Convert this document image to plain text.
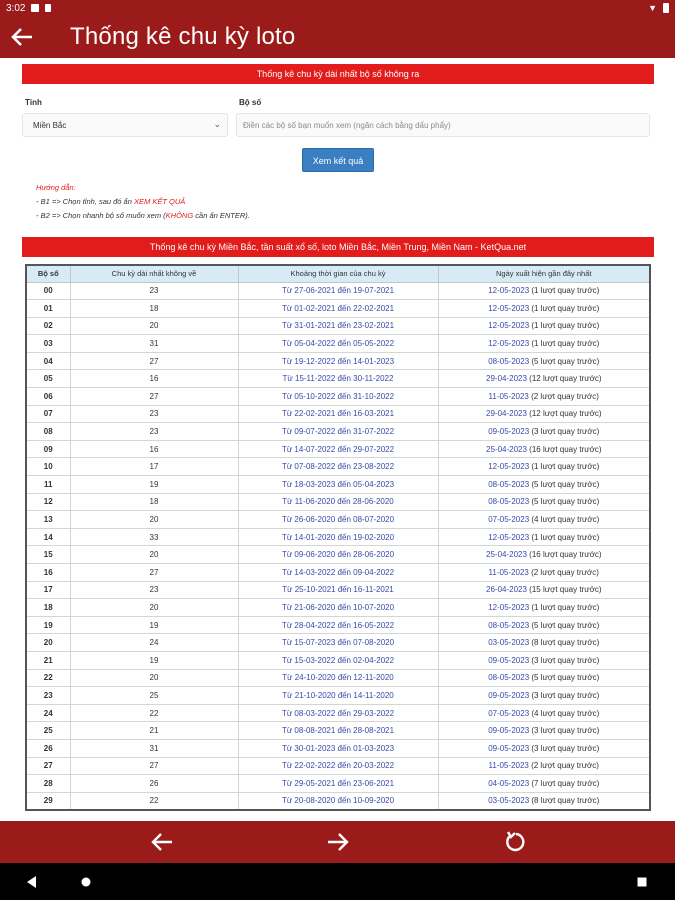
3:02	▼
Thống kê chu kỳ loto
Thống kê chu kỳ dài nhất bộ số không ra
Tỉnh
Miền Bắc	⌄
Bộ số
Điền các bộ số bạn muốn xem (ngăn cách bằng dấu phẩy)
Xem kết quả
Hướng dẫn:
- B1 => Chọn tỉnh, sau đó ấn XEM KẾT QUẢ
- B2 => Chọn nhanh bộ số muốn xem (KHÔNG cần ấn ENTER).
Thống kê chu kỳ Miền Bắc, tần suất xổ số, loto Miền Bắc, Miền Trung, Miền Nam - KetQua.net
Bộ số	Chu kỳ dài nhất không về	Khoảng thời gian của chu kỳ	Ngày xuất hiện gần đây nhất
00	23	Từ 27-06-2021 đến 19-07-2021	12-05-2023 (1 lượt quay trước)
01	18	Từ 01-02-2021 đến 22-02-2021	12-05-2023 (1 lượt quay trước)
02	20	Từ 31-01-2021 đến 23-02-2021	12-05-2023 (1 lượt quay trước)
03	31	Từ 05-04-2022 đến 05-05-2022	12-05-2023 (1 lượt quay trước)
04	27	Từ 19-12-2022 đến 14-01-2023	08-05-2023 (5 lượt quay trước)
05	16	Từ 15-11-2022 đến 30-11-2022	29-04-2023 (12 lượt quay trước)
06	27	Từ 05-10-2022 đến 31-10-2022	11-05-2023 (2 lượt quay trước)
07	23	Từ 22-02-2021 đến 16-03-2021	29-04-2023 (12 lượt quay trước)
08	23	Từ 09-07-2022 đến 31-07-2022	09-05-2023 (3 lượt quay trước)
09	16	Từ 14-07-2022 đến 29-07-2022	25-04-2023 (16 lượt quay trước)
10	17	Từ 07-08-2022 đến 23-08-2022	12-05-2023 (1 lượt quay trước)
11	19	Từ 18-03-2023 đến 05-04-2023	08-05-2023 (5 lượt quay trước)
12	18	Từ 11-06-2020 đến 28-06-2020	08-05-2023 (5 lượt quay trước)
13	20	Từ 26-06-2020 đến 08-07-2020	07-05-2023 (4 lượt quay trước)
14	33	Từ 14-01-2020 đến 19-02-2020	12-05-2023 (1 lượt quay trước)
15	20	Từ 09-06-2020 đến 28-06-2020	25-04-2023 (16 lượt quay trước)
16	27	Từ 14-03-2022 đến 09-04-2022	11-05-2023 (2 lượt quay trước)
17	23	Từ 25-10-2021 đến 16-11-2021	26-04-2023 (15 lượt quay trước)
18	20	Từ 21-06-2020 đến 10-07-2020	12-05-2023 (1 lượt quay trước)
19	19	Từ 28-04-2022 đến 16-05-2022	08-05-2023 (5 lượt quay trước)
20	24	Từ 15-07-2023 đến 07-08-2020	03-05-2023 (8 lượt quay trước)
21	19	Từ 15-03-2022 đến 02-04-2022	09-05-2023 (3 lượt quay trước)
22	20	Từ 24-10-2020 đến 12-11-2020	08-05-2023 (5 lượt quay trước)
23	25	Từ 21-10-2020 đến 14-11-2020	09-05-2023 (3 lượt quay trước)
24	22	Từ 08-03-2022 đến 29-03-2022	07-05-2023 (4 lượt quay trước)
25	21	Từ 08-08-2021 đến 28-08-2021	09-05-2023 (3 lượt quay trước)
26	31	Từ 30-01-2023 đến 01-03-2023	09-05-2023 (3 lượt quay trước)
27	27	Từ 22-02-2022 đến 20-03-2022	11-05-2023 (2 lượt quay trước)
28	26	Từ 29-05-2021 đến 23-06-2021	04-05-2023 (7 lượt quay trước)
29	22	Từ 20-08-2020 đến 10-09-2020	03-05-2023 (8 lượt quay trước)
